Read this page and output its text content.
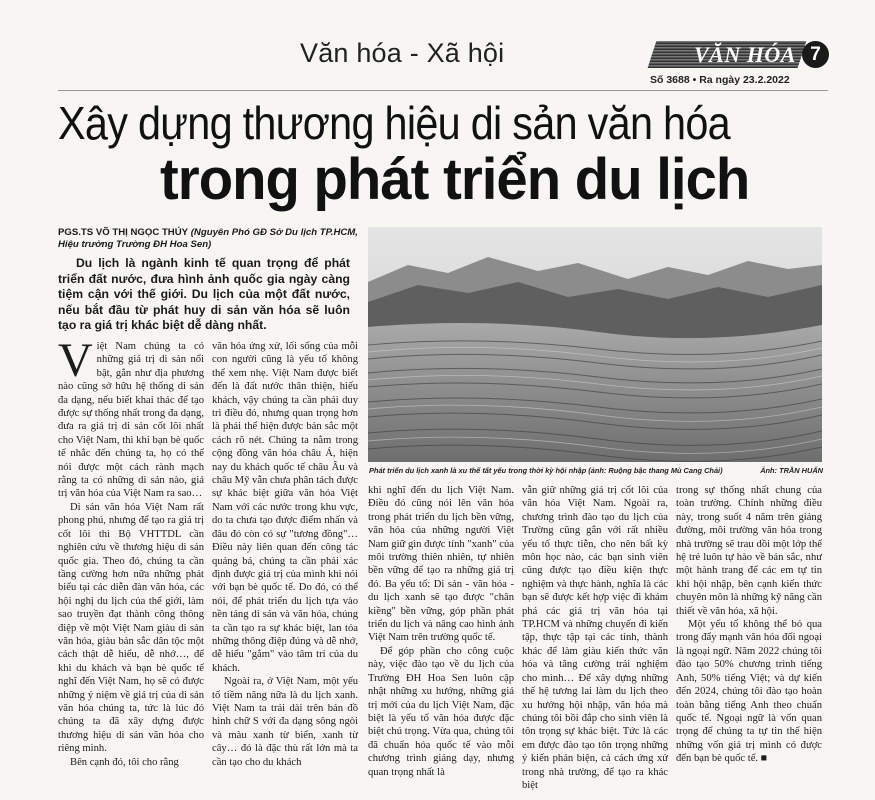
Văn hóa - Xã hội	VĂN HÓA 7
Số 3688 • Ra ngày 23.2.2022
Xây dựng thương hiệu di sản văn hóa
trong phát triển du lịch
PGS.TS VÕ THỊ NGỌC THÚY (Nguyên Phó GĐ Sở Du lịch TP.HCM, Hiệu trưởng Trường ĐH Hoa Sen)
Du lịch là ngành kinh tế quan trọng để phát triển đất nước, đưa hình ảnh quốc gia ngày càng tiệm cận với thế giới. Du lịch của một đất nước, nếu bắt đầu từ phát huy di sản văn hóa sẽ luôn tạo ra giá trị khác biệt dễ dàng nhất.
Phát triển du lịch xanh là xu thế tất yếu trong thời kỳ hội nhập (ảnh: Ruộng bậc thang Mù Cang Chải)	Ảnh: TRẦN HUẤN

Việt Nam chúng ta có những giá trị di sản nổi bật, gắn như địa phương nào cũng sở hữu hệ thống di sản đa dạng, nếu biết khai thác để tạo được sự thống nhất trong đa dạng, đưa ra giá trị di sản cốt lõi nhất cho Việt Nam, thì khi bạn bè quốc tế nhắc đến chúng ta, họ có thể nói được một cách rành mạch rằng ta có những di sản nào, giá trị văn hóa của Việt Nam ra sao…

Di sản văn hóa Việt Nam rất phong phú, nhưng để tạo ra giá trị cốt lõi thì Bộ VHTTDL cần nghiên cứu về thương hiệu di sản quốc gia. Theo đó, chúng ta cần tầng cường hơn nữa những phát biểu tại các diễn đàn văn hóa, các hội nghị du lịch của thế giới, làm sao truyền đạt thành công thông điệp về một Việt Nam giàu di sản văn hóa, giàu bản sắc dân tộc một cách thật dễ hiểu, dễ nhớ…, để khi du khách và bạn bè quốc tế nghĩ đến Việt Nam, họ sẽ có được những ý niệm về giá trị của di sản văn hóa chúng ta, tức là lúc đó chúng ta đã xây dựng được thương hiệu di sản văn hóa cho riêng mình.

Bên cạnh đó, tôi cho rằng

văn hóa ứng xử, lối sống của mỗi con người cũng là yếu tố không thể xem nhẹ. Việt Nam được biết đến là đất nước thân thiện, hiếu khách, vậy chúng ta cần phải duy trì điều đó, nhưng quan trọng hơn là phải thể hiện được bản sắc một cách rõ nét. Chúng ta nằm trong cộng đồng văn hóa châu Á, hiện nay du khách quốc tế châu Âu và châu Mỹ vẫn chưa phân tách được sự khác biệt giữa văn hóa Việt Nam với các nước trong khu vực, do ta chưa tạo được điểm nhấn và đâu đó còn có sự "tương đồng"… Điều này liên quan đến công tác quảng bá, chúng ta cần phải xác định được giá trị của mình khi nói với bạn bè quốc tế. Do đó, có thể nói, để phát triển du lịch tựa vào nền tảng di sản và văn hóa, chúng ta cần tạo ra sự khác biệt, lan tỏa những thông điệp đúng và dễ nhớ, dễ hiểu "gắm" vào tâm trí của du khách.

Ngoài ra, ở Việt Nam, một yếu tố tiềm năng nữa là du lịch xanh. Việt Nam ta trải dài trên bản đồ hình chữ S với đa dạng sông ngòi và màu xanh từ biển, xanh từ cây… đó là đặc thù rất lớn mà ta cần tạo cho du khách

khi nghĩ đến du lịch Việt Nam. Điều đó cũng nói lên văn hóa trong phát triển du lịch bền vững, văn hóa của những người Việt Nam giữ gìn được tính "xanh" của môi trường thiên nhiên, tự nhiên bền vững để tạo ra những giá trị đó. Ba yếu tố: Di sản - văn hóa - du lịch xanh sẽ tạo được "chân kiềng" bền vững, góp phần phát triển du lịch và nâng cao hình ảnh Việt Nam trên trường quốc tế.

Để góp phần cho công cuộc này, việc đào tạo về du lịch của Trường ĐH Hoa Sen luôn cập nhật những xu hướng, những giá trị mới của du lịch Việt Nam, đặc biệt là yếu tố văn hóa được đặc biệt chú trọng. Vừa qua, chúng tôi đã chuẩn hóa quốc tế vào mỗi chương trình giảng dạy, nhưng quan trọng nhất là

vẫn giữ những giá trị cốt lõi của văn hóa Việt Nam. Ngoài ra, chương trình đào tạo du lịch của Trường cũng gắn với rất nhiều yếu tố thực tiễn, cho nên bất kỳ môn học nào, các bạn sinh viên cũng được tạo điều kiện thực nghiệm và thực hành, nghĩa là các bạn sẽ được kết hợp việc đi khám phá các giá trị văn hóa tại TP.HCM và những chuyến đi kiến tập, thực tập tại các tỉnh, thành khác để làm giàu kiến thức văn hóa và tăng cường trải nghiệm cho mình… Để xây dựng những thế hệ tương lai làm du lịch theo xu hướng hội nhập, văn hóa mà chúng tôi bồi đắp cho sinh viên là tôn trọng sự khác biệt. Tức là các em được đào tạo tôn trọng những ý kiến phản biện, cả cách ứng xử trong nhà trường, để tạo ra khác biệt

trong sự thống nhất chung của toàn trường. Chính những điều này, trong suốt 4 năm trên giảng đường, môi trường văn hóa trong nhà trường sẽ trau dồi một lớp thế hệ trẻ luôn tự hào về bản sắc, như một hành trang để các em tự tin khi hội nhập, bên cạnh kiến thức chuyên môn là những kỹ năng cần thiết về văn hóa, xã hội.

Một yếu tố không thể bỏ qua trong đẩy mạnh văn hóa đối ngoại là ngoại ngữ. Năm 2022 chúng tôi đào tạo 50% chương trình tiếng Anh, 50% tiếng Việt; và dự kiến đến 2024, chúng tôi đào tạo hoàn toàn bằng tiếng Anh theo chuẩn quốc tế. Ngoại ngữ là vốn quan trọng để chúng ta tự tin thể hiện những vốn giá trị mình có được đến bạn bè quốc tế. ■
